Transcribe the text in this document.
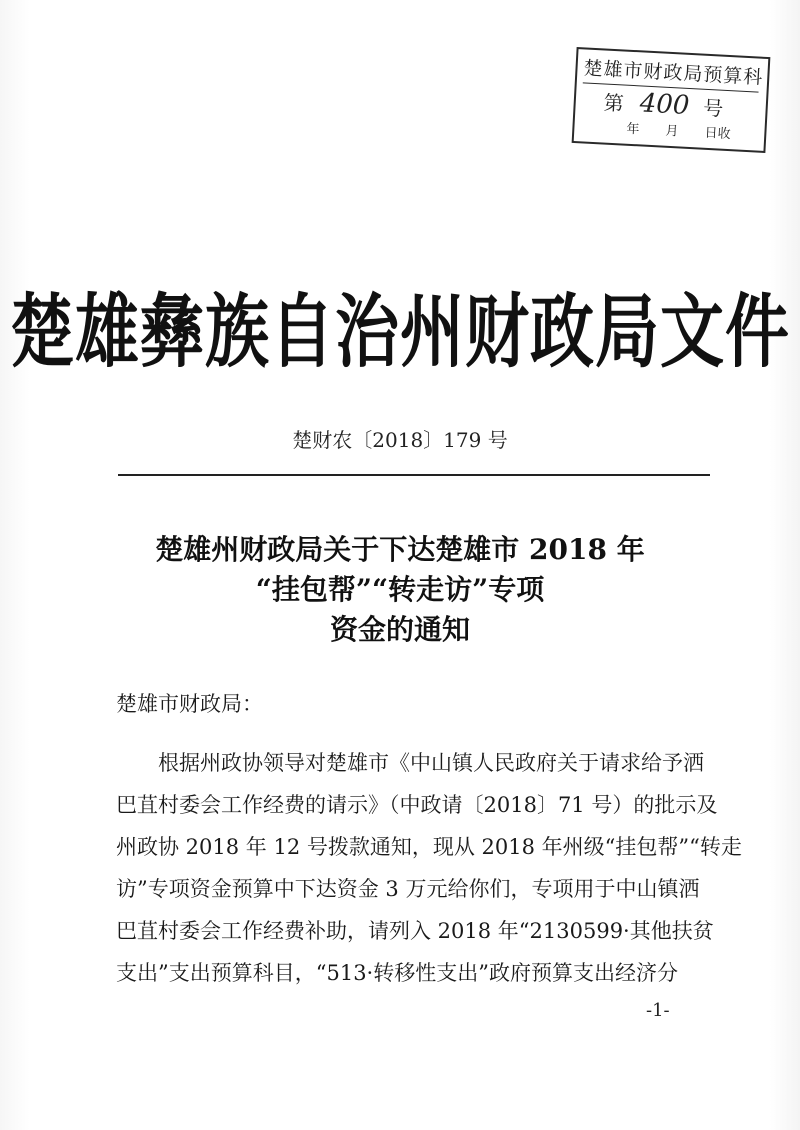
楚雄市财政局预算科
第 400 号
年 月 日收
楚雄彝族自治州财政局文件
楚财农〔2018〕179 号
楚雄州财政局关于下达楚雄市 2018 年
“挂包帮”“转走访”专项
资金的通知
楚雄市财政局：
根据州政协领导对楚雄市《中山镇人民政府关于请求给予洒
巴苴村委会工作经费的请示》（中政请〔2018〕71 号）的批示及
州政协 2018 年 12 号拨款通知，现从 2018 年州级“挂包帮”“转走
访”专项资金预算中下达资金 3 万元给你们，专项用于中山镇洒
巴苴村委会工作经费补助，请列入 2018 年“2130599·其他扶贫
支出”支出预算科目，“513·转移性支出”政府预算支出经济分
-1-
